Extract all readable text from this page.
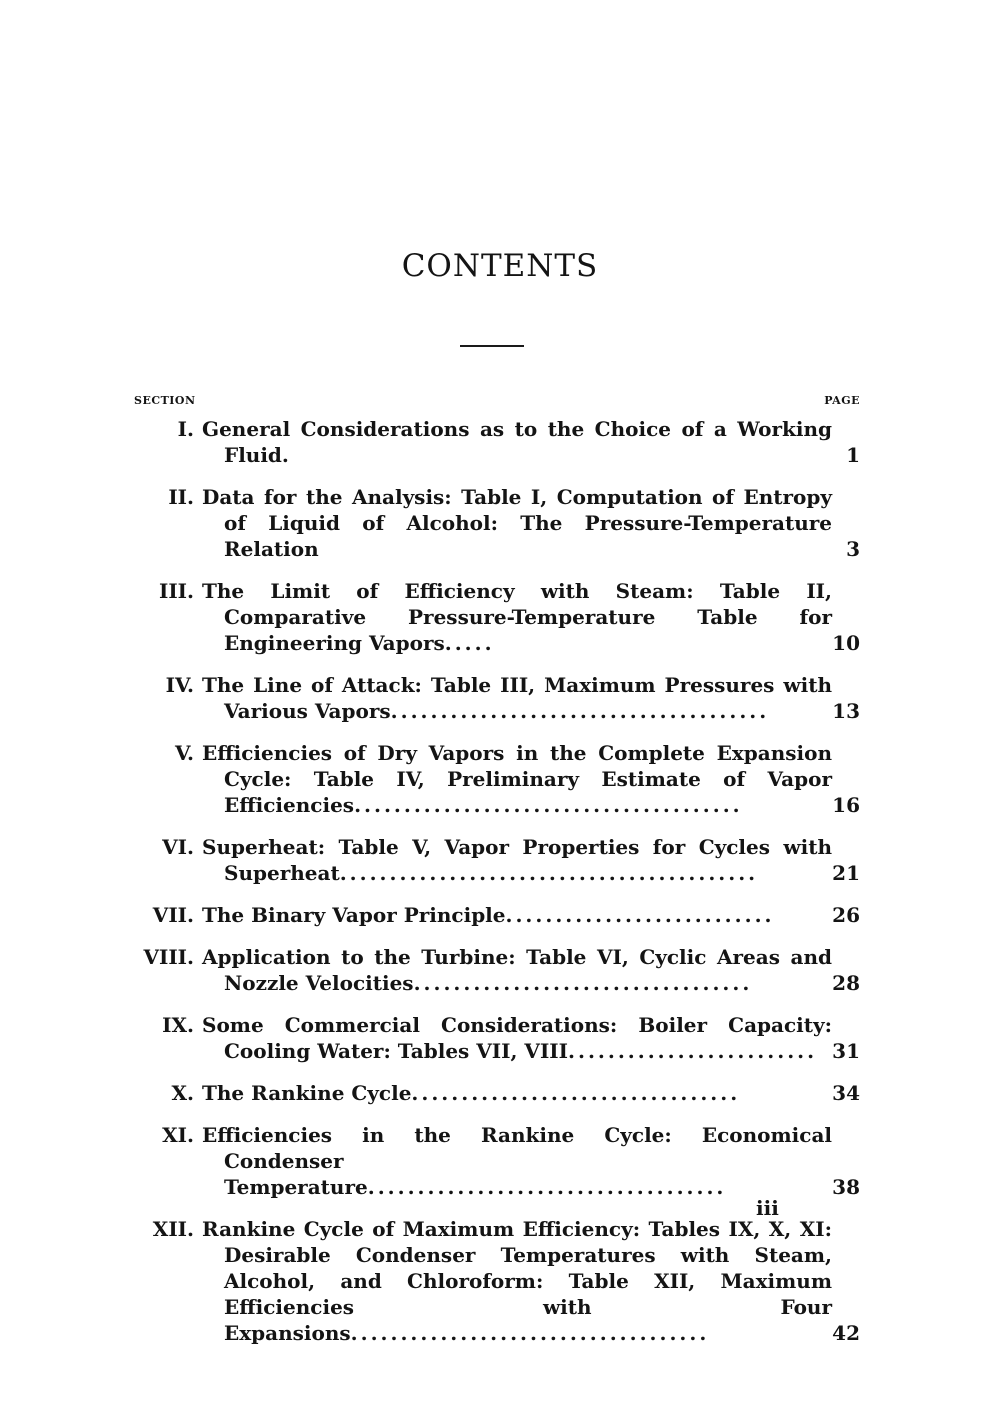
CONTENTS
SECTION	PAGE
I. General Considerations as to the Choice of a Working Fluid.	1
II. Data for the Analysis: Table I, Computation of Entropy of Liquid of Alcohol: The Pressure-Temperature Relation	3
III. The Limit of Efficiency with Steam: Table II, Comparative Pressure-Temperature Table for Engineering Vapors.....	10
IV. The Line of Attack: Table III, Maximum Pressures with Various Vapors......................................	13
V. Efficiencies of Dry Vapors in the Complete Expansion Cycle: Table IV, Preliminary Estimate of Vapor Efficiencies.......................................	16
VI. Superheat: Table V, Vapor Properties for Cycles with Superheat..........................................	21
VII. The Binary Vapor Principle...........................	26
VIII. Application to the Turbine: Table VI, Cyclic Areas and Nozzle Velocities..................................	28
IX. Some Commercial Considerations: Boiler Capacity: Cooling Water: Tables VII, VIII......................... 31
X. The Rankine Cycle.................................	34
XI. Efficiencies in the Rankine Cycle: Economical Condenser Temperature....................................	38
XII. Rankine Cycle of Maximum Efficiency: Tables IX, X, XI: Desirable Condenser Temperatures with Steam, Alcohol, and Chloroform: Table XII, Maximum Efficiencies with Four Expansions....................................	42
iii
